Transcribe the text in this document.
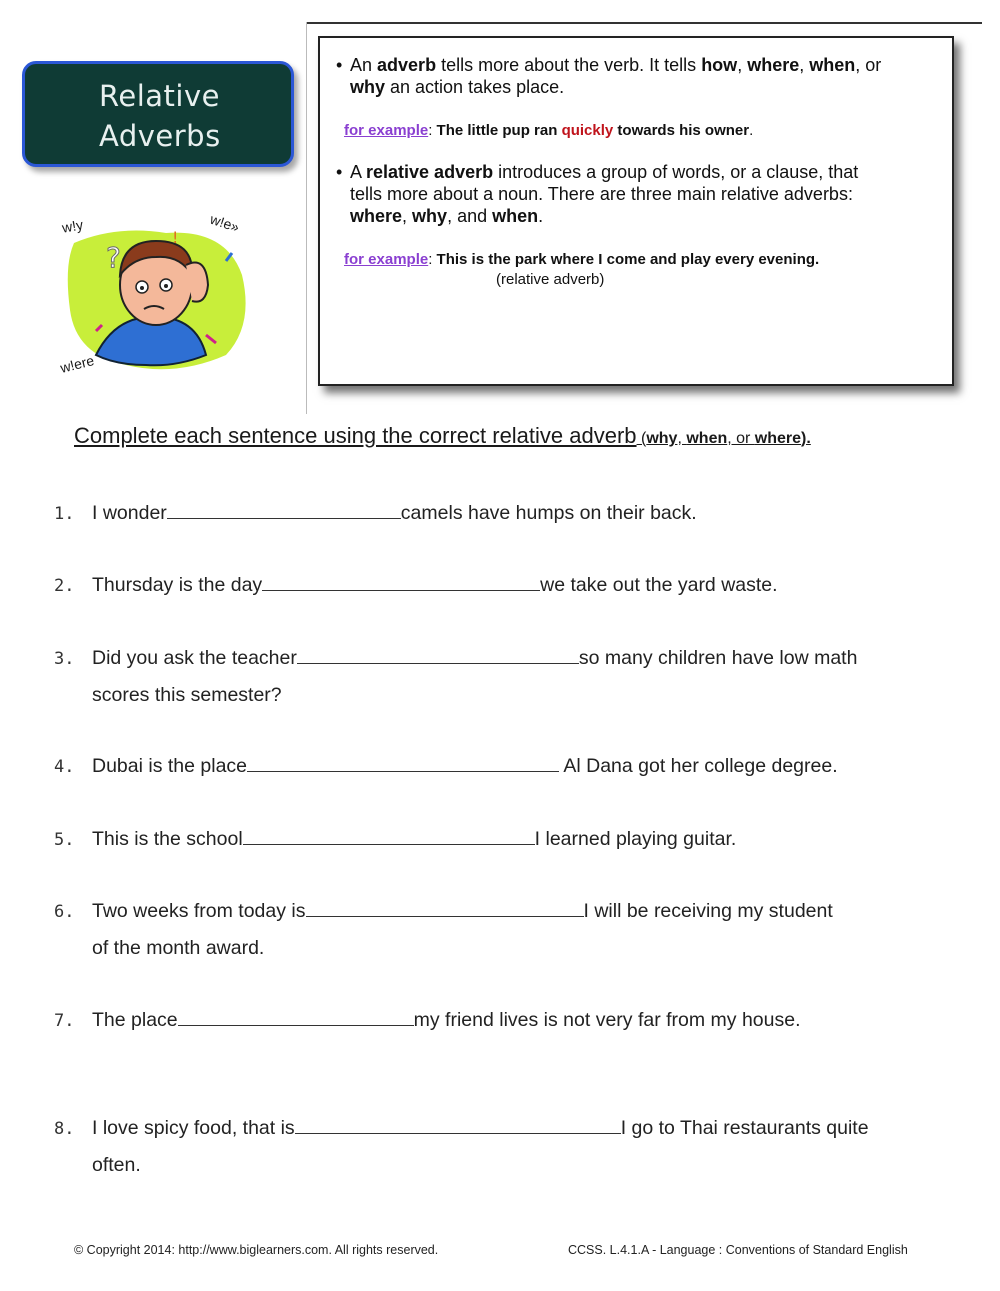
Relative
Adverbs
?
!
w!y	w!e»
w!ere
• An adverb tells more about the verb. It tells how, where, when, or
why an action takes place.
for example: The little pup ran quickly towards his owner.
• A relative adverb introduces a group of words, or a clause, that
tells more about a noun. There are three main relative adverbs:
where, why, and when.
for example: This is the park where I come and play every evening.
(relative adverb)
Complete each sentence using the correct relative adverb (why, when, or where).
1. I wonder	camels have humps on their back.
2. Thursday is the day	we take out the yard waste.
3. Did you ask the teacher	so many children have low math
scores this semester?
4. Dubai is the place	Al Dana got her college degree.
5. This is the school	I learned playing guitar.
6. Two weeks from today is	I will be receiving my student
of the month award.
7. The place	my friend lives is not very far from my house.
8. I love spicy food, that is	I go to Thai restaurants quite
often.
© Copyright 2014: http://www.biglearners.com. All rights reserved.	CCSS. L.4.1.A - Language : Conventions of Standard English
